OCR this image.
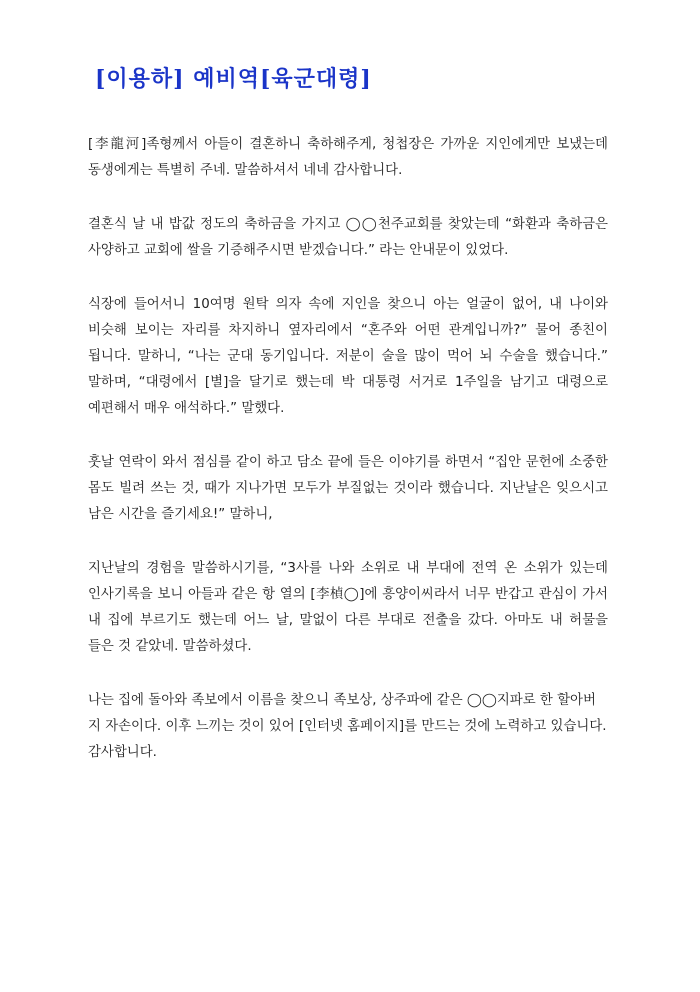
[이용하] 예비역[육군대령]

[李龍河]족형께서 아들이 결혼하니 축하해주게, 청첩장은 가까운 지인에게만 보냈는데 동생에게는 특별히 주네. 말씀하셔서 네네 감사합니다.

결혼식 날 내 밥값 정도의 축하금을 가지고 ◯◯천주교회를 찾았는데 “화환과 축하금은 사양하고 교회에 쌀을 기증해주시면 받겠습니다.” 라는 안내문이 있었다.

식장에 들어서니 10여명 원탁 의자 속에 지인을 찾으니 아는 얼굴이 없어, 내 나이와 비슷해 보이는 자리를 차지하니 옆자리에서 “혼주와 어떤 관계입니까?” 물어 종친이 됩니다. 말하니, “나는 군대 동기입니다. 저분이 술을 많이 먹어 뇌 수술을 했습니다.” 말하며, “대령에서 [별]을 달기로 했는데 박 대통령 서거로 1주일을 남기고 대령으로 예편해서 매우 애석하다.” 말했다.

훗날 연락이 와서 점심를 같이 하고 담소 끝에 들은 이야기를 하면서 “집안 문헌에 소중한 몸도 빌려 쓰는 것, 때가 지나가면 모두가 부질없는 것이라 했습니다. 지난날은 잊으시고 남은 시간을 즐기세요!” 말하니,

지난날의 경험을 말씀하시기를, “3사를 나와 소위로 내 부대에 전역 온 소위가 있는데 인사기록을 보니 아들과 같은 항 열의 [李楨◯]에 흥양이씨라서 너무 반갑고 관심이 가서 내 집에 부르기도 했는데 어느 날, 말없이 다른 부대로 전출을 갔다. 아마도 내 허물을 들은 것 같았네. 말씀하셨다.

나는 집에 돌아와 족보에서 이름을 찾으니 족보상, 상주파에 같은 ◯◯지파로 한 할아버지 자손이다. 이후 느끼는 것이 있어 [인터넷 홈페이지]를 만드는 것에 노력하고 있습니다.

감사합니다.
